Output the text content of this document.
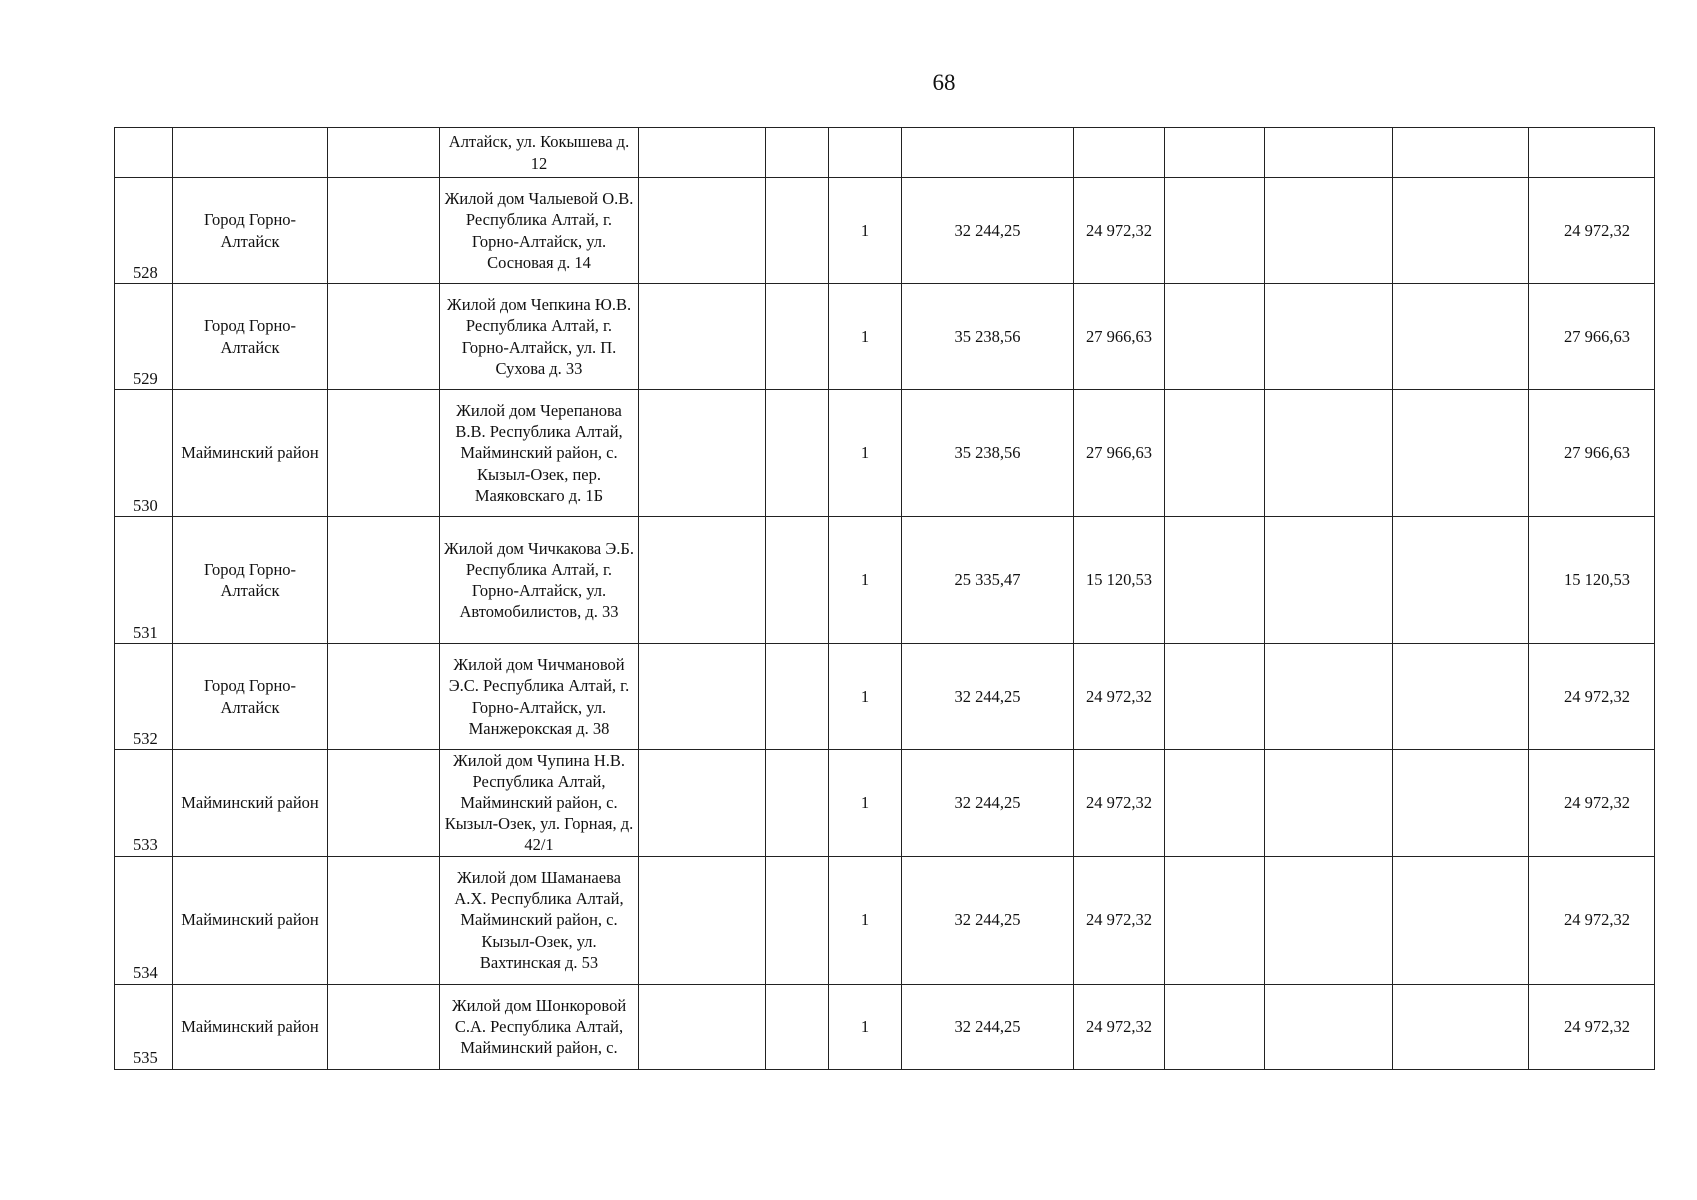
68
			Алтайск, ул. Кокышева д. 12									
528	Город Горно-Алтайск		Жилой дом Чалыевой О.В. Республика Алтай, г. Горно-Алтайск, ул. Сосновая д. 14			1	32 244,25	24 972,32				24 972,32
529	Город Горно-Алтайск		Жилой дом Чепкина Ю.В. Республика Алтай, г. Горно-Алтайск, ул. П. Сухова д. 33			1	35 238,56	27 966,63				27 966,63
530	Майминский район		Жилой дом Черепанова В.В. Республика Алтай, Майминский район, с. Кызыл-Озек, пер. Маяковскаго д. 1Б			1	35 238,56	27 966,63				27 966,63
531	Город Горно-Алтайск		Жилой дом Чичкакова Э.Б. Республика Алтай, г. Горно-Алтайск, ул. Автомобилистов, д. 33			1	25 335,47	15 120,53				15 120,53
532	Город Горно-Алтайск		Жилой дом Чичмановой Э.С. Республика Алтай, г. Горно-Алтайск, ул. Манжерокская д. 38			1	32 244,25	24 972,32				24 972,32
533	Майминский район		Жилой дом Чупина Н.В. Республика Алтай, Майминский район, с. Кызыл-Озек, ул. Горная, д. 42/1			1	32 244,25	24 972,32				24 972,32
534	Майминский район		Жилой дом Шаманаева А.Х. Республика Алтай, Майминский район, с. Кызыл-Озек, ул. Вахтинская д. 53			1	32 244,25	24 972,32				24 972,32
535	Майминский район		Жилой дом Шонкоровой С.А. Республика Алтай, Майминский район, с.			1	32 244,25	24 972,32				24 972,32
